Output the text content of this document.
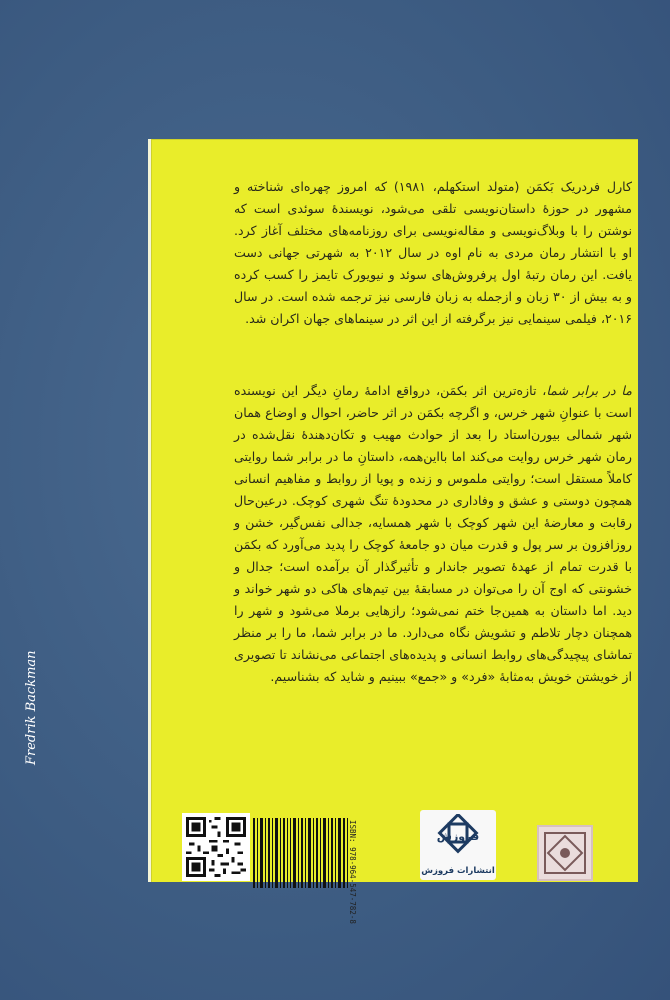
کارل فردریک بَکمَن (متولد استکهلم، ۱۹۸۱) که امروز چهره‌ای شناخته و مشهور در حوزهٔ داستان‌نویسی تلقی می‌شود، نویسندهٔ سوئدی است که نوشتن را با وبلاگ‌نویسی و مقاله‌نویسی برای روزنامه‌های مختلف آغاز کرد. او با انتشار رمان مردی به نام اوه در سال ۲۰۱۲ به شهرتی جهانی دست یافت. این رمان رتبهٔ اول پرفروش‌های سوئد و نیویورک تایمز را کسب کرده و به بیش از ۳۰ زبان و ازجمله به زبان فارسی نیز ترجمه شده است. در سال ۲۰۱۶، فیلمی سینمایی نیز برگرفته از این اثر در سینماهای جهان اکران شد.

ما در برابر شما، تازه‌ترین اثر بکمَن، درواقع ادامهٔ رمانِ دیگر این نویسنده است با عنوانِ شهر خرس، و اگرچه بکمَن در اثر حاضر، احوال و اوضاع همان شهر شمالی بیورن‌استاد را بعد از حوادث مهیب و تکان‌دهندهٔ نقل‌شده در رمان شهر خرس روایت می‌کند اما بااین‌همه، داستانِ ما در برابر شما روایتی کاملاً مستقل است؛ روایتی ملموس و زنده و پویا از روابط و مفاهیم انسانی همچون دوستی و عشق و وفاداری در محدودهٔ تنگ شهری کوچک. درعین‌حال رقابت و معارضهٔ این شهر کوچک با شهر همسایه، جدالی نفس‌گیر، خشن و روزافزون بر سر پول و قدرت میان دو جامعهٔ کوچک را پدید می‌آورد که بکمَن با قدرت تمام از عهدهٔ تصویر جاندار و تأثیرگذار آن برآمده است؛ جدال و خشونتی که اوج آن را می‌توان در مسابقهٔ بین تیم‌های هاکی دو شهر خواند و دید. اما داستان به همین‌جا ختم نمی‌شود؛ رازهایی برملا می‌شود و شهر را همچنان دچار تلاطم و تشویش نگاه می‌دارد. ما در برابر شما، ما را بر منظر تماشای پیچیدگی‌های روابط انسانی و پدیده‌های اجتماعی می‌نشاند تا تصویری از خویشتن خویش به‌مثابهٔ «فرد» و «جمع» ببینیم و شاید که بشناسیم.

Fredrik Backman
ISBN: 978-964-547-782-8	فروزش
انتشارات فروزش
